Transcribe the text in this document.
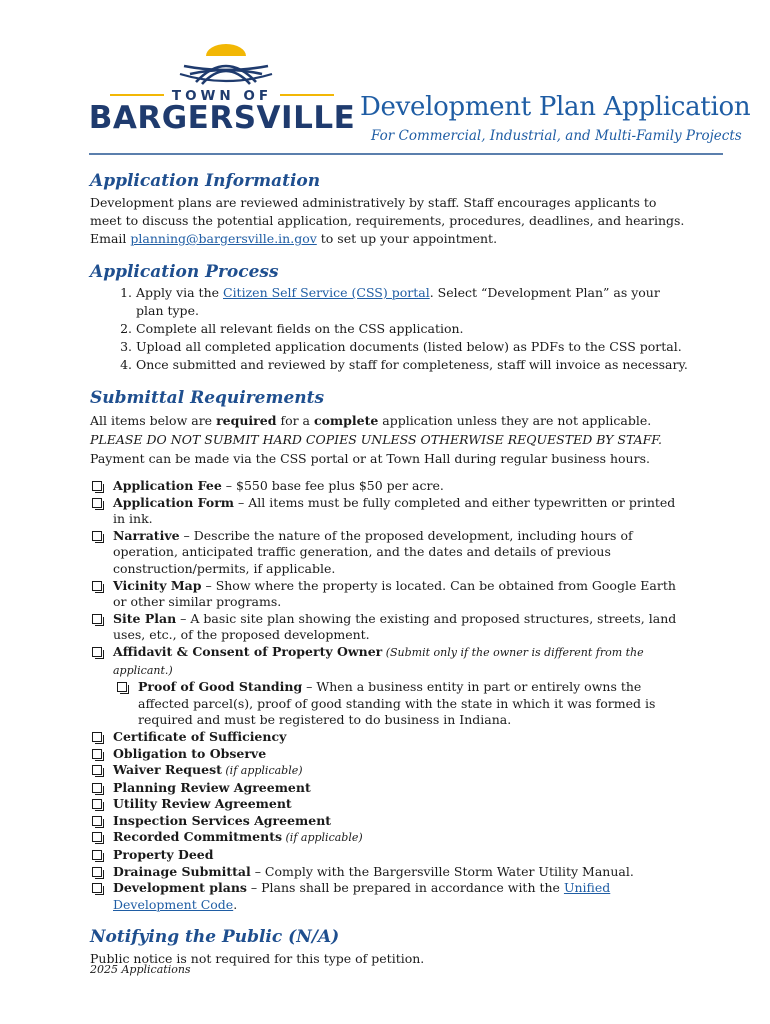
TOWN OF
BARGERSVILLE Development Plan Application
For Commercial, Industrial, and Multi-Family Projects
Application Information

Development plans are reviewed administratively by staff. Staff encourages applicants to meet to discuss the potential application, requirements, procedures, deadlines, and hearings. Email planning@bargersville.in.gov to set up your appointment.

Application Process
1. Apply via the Citizen Self Service (CSS) portal. Select “Development Plan” as your plan type.
2. Complete all relevant fields on the CSS application.
3. Upload all completed application documents (listed below) as PDFs to the CSS portal.
4. Once submitted and reviewed by staff for completeness, staff will invoice as necessary.
Submittal Requirements

All items below are required for a complete application unless they are not applicable. PLEASE DO NOT SUBMIT HARD COPIES UNLESS OTHERWISE REQUESTED BY STAFF. Payment can be made via the CSS portal or at Town Hall during regular business hours.

Application Fee – $550 base fee plus $50 per acre.
Application Form – All items must be fully completed and either typewritten or printed in ink.
Narrative – Describe the nature of the proposed development, including hours of operation, anticipated traffic generation, and the dates and details of previous construction/permits, if applicable.
Vicinity Map – Show where the property is located. Can be obtained from Google Earth or other similar programs.
Site Plan – A basic site plan showing the existing and proposed structures, streets, land uses, etc., of the proposed development.
Affidavit & Consent of Property Owner (Submit only if the owner is different from the applicant.)
Proof of Good Standing – When a business entity in part or entirely owns the affected parcel(s), proof of good standing with the state in which it was formed is required and must be registered to do business in Indiana.
Certificate of Sufficiency
Obligation to Observe
Waiver Request (if applicable)
Planning Review Agreement
Utility Review Agreement
Inspection Services Agreement
Recorded Commitments (if applicable)
Property Deed
Drainage Submittal – Comply with the Bargersville Storm Water Utility Manual.
Development plans – Plans shall be prepared in accordance with the Unified Development Code.
Notifying the Public (N/A)

Public notice is not required for this type of petition.

2025 Applications
